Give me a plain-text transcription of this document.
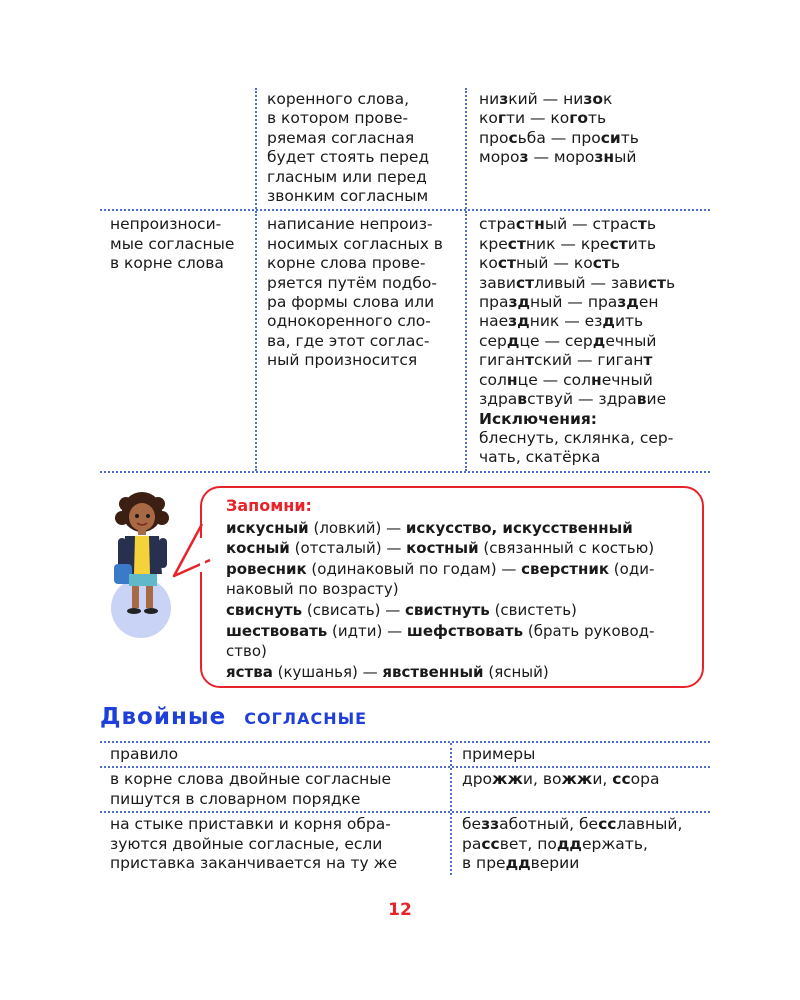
коренного слова,
в котором прове-
ряемая согласная
будет стоять перед
гласным или перед
звонким согласным
низкий — низок
когти — коготь
просьба — просить
мороз — морозный
непроизноси-
мые согласные
в корне слова
написание непроиз-
носимых согласных в
корне слова прове-
ряется путём подбо-
ра формы слова или
однокоренного сло-
ва, где этот соглас-
ный произносится
страстный — страсть
крестник — крестить
костный — кость
завистливый — зависть
праздный — празден
наездник — ездить
сердце — сердечный
гигантский — гигант
солнце — солнечный
здравствуй — здравие
Исключения:
блеснуть, склянка, сер-
чать, скатёрка
Запомни:
искусный (ловкий) — искусство, искусственный
косный (отсталый) — костный (связанный с костью)
ровесник (одинаковый по годам) — сверстник (оди-
наковый по возрасту)
свиснуть (свисать) — свистнуть (свистеть)
шествовать (идти) — шефствовать (брать руковод-
ство)
яства (кушанья) — явственный (ясный)
Двойные согласные
правило	примеры
в корне слова двойные согласные
пишутся в словарном порядке
дрожжи, вожжи, ссора
на стыке приставки и корня обра-
зуются двойные согласные, если
приставка заканчивается на ту же
беззаботный, бесславный,
рассвет, поддержать,
в преддверии
12
